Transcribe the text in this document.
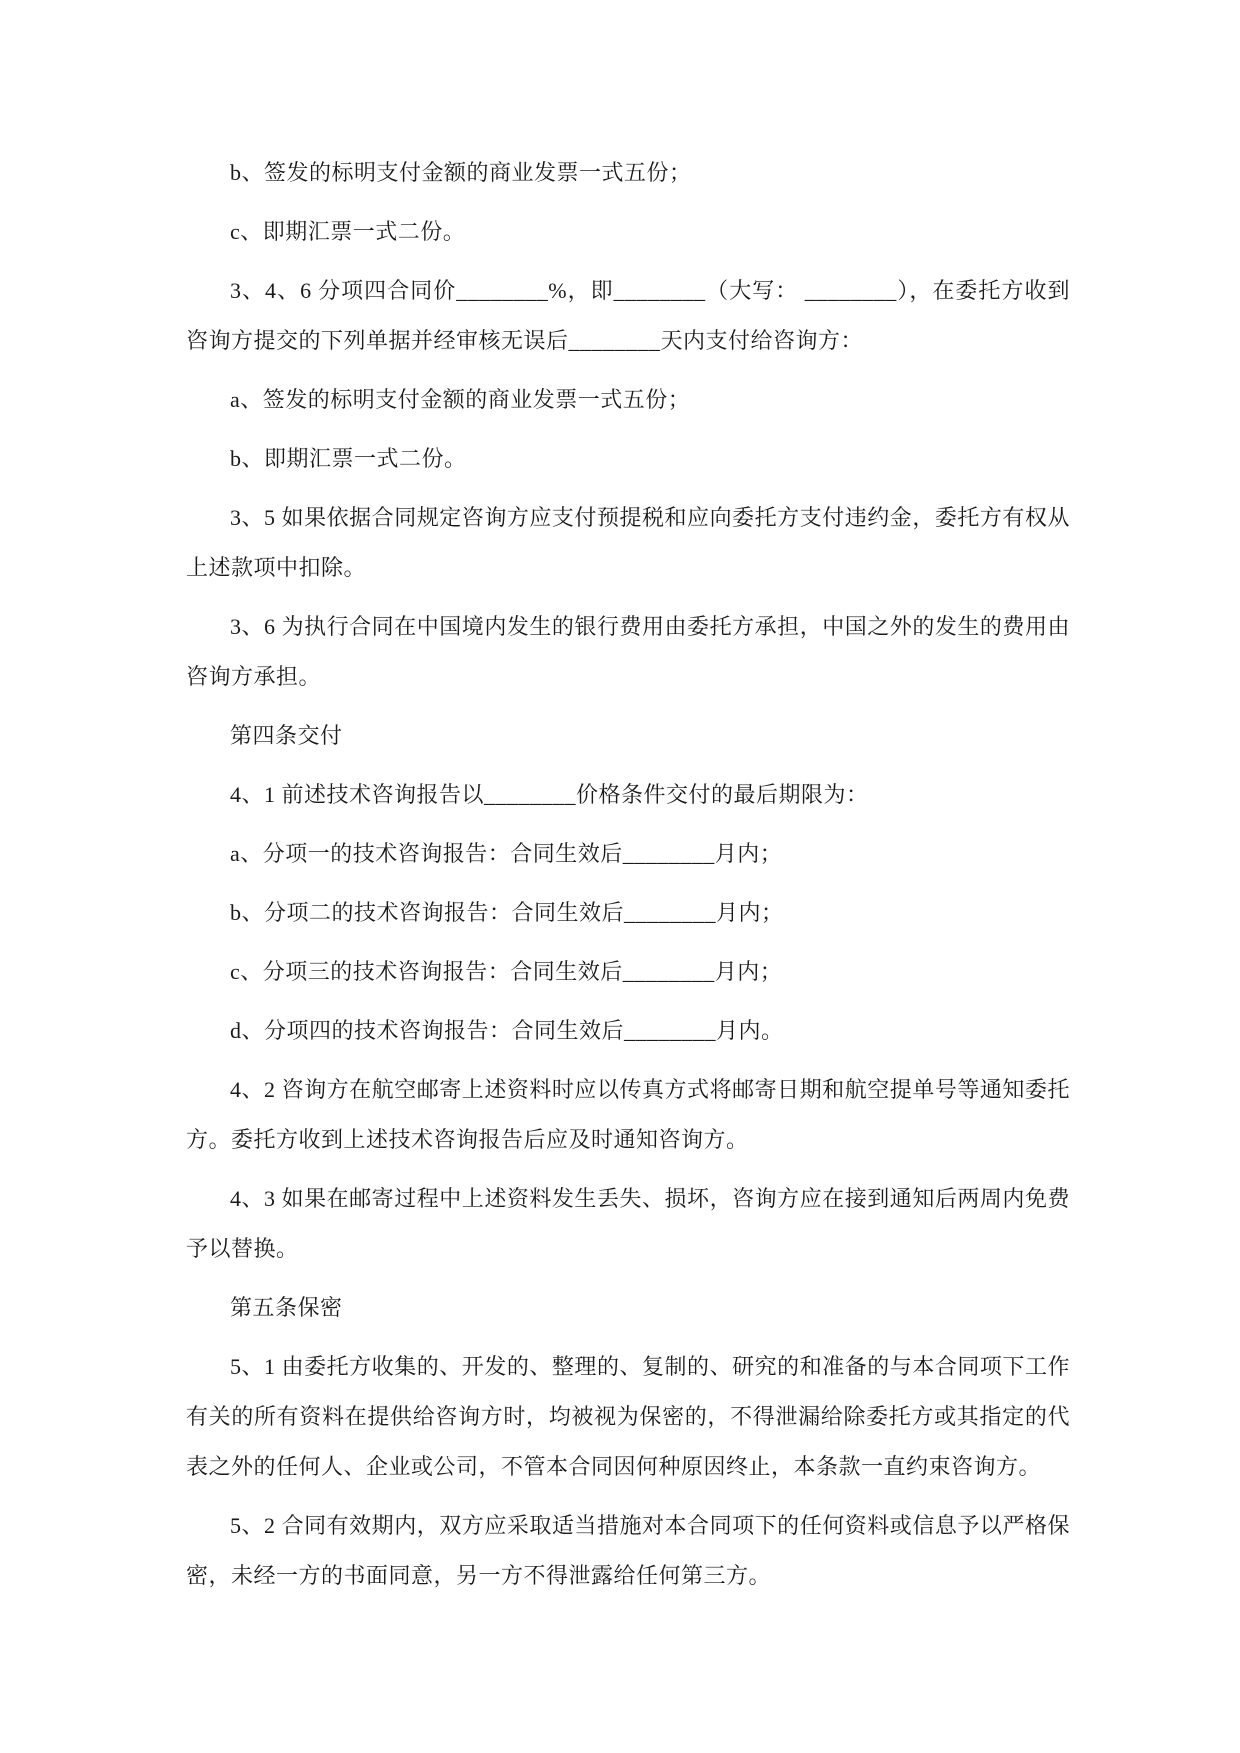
b、签发的标明支付金额的商业发票一式五份；

c、即期汇票一式二份。

3、4、6 分项四合同价________%，即________（大写： ________），在委托方收到咨询方提交的下列单据并经审核无误后________天内支付给咨询方：

a、签发的标明支付金额的商业发票一式五份；

b、即期汇票一式二份。

3、5 如果依据合同规定咨询方应支付预提税和应向委托方支付违约金，委托方有权从上述款项中扣除。

3、6 为执行合同在中国境内发生的银行费用由委托方承担，中国之外的发生的费用由咨询方承担。

第四条交付

4、1 前述技术咨询报告以________价格条件交付的最后期限为：

a、分项一的技术咨询报告：合同生效后________月内；

b、分项二的技术咨询报告：合同生效后________月内；

c、分项三的技术咨询报告：合同生效后________月内；

d、分项四的技术咨询报告：合同生效后________月内。

4、2 咨询方在航空邮寄上述资料时应以传真方式将邮寄日期和航空提单号等通知委托方。委托方收到上述技术咨询报告后应及时通知咨询方。

4、3 如果在邮寄过程中上述资料发生丢失、损坏，咨询方应在接到通知后两周内免费予以替换。

第五条保密

5、1 由委托方收集的、开发的、整理的、复制的、研究的和准备的与本合同项下工作有关的所有资料在提供给咨询方时，均被视为保密的，不得泄漏给除委托方或其指定的代表之外的任何人、企业或公司，不管本合同因何种原因终止，本条款一直约束咨询方。

5、2 合同有效期内，双方应采取适当措施对本合同项下的任何资料或信息予以严格保密，未经一方的书面同意，另一方不得泄露给任何第三方。
